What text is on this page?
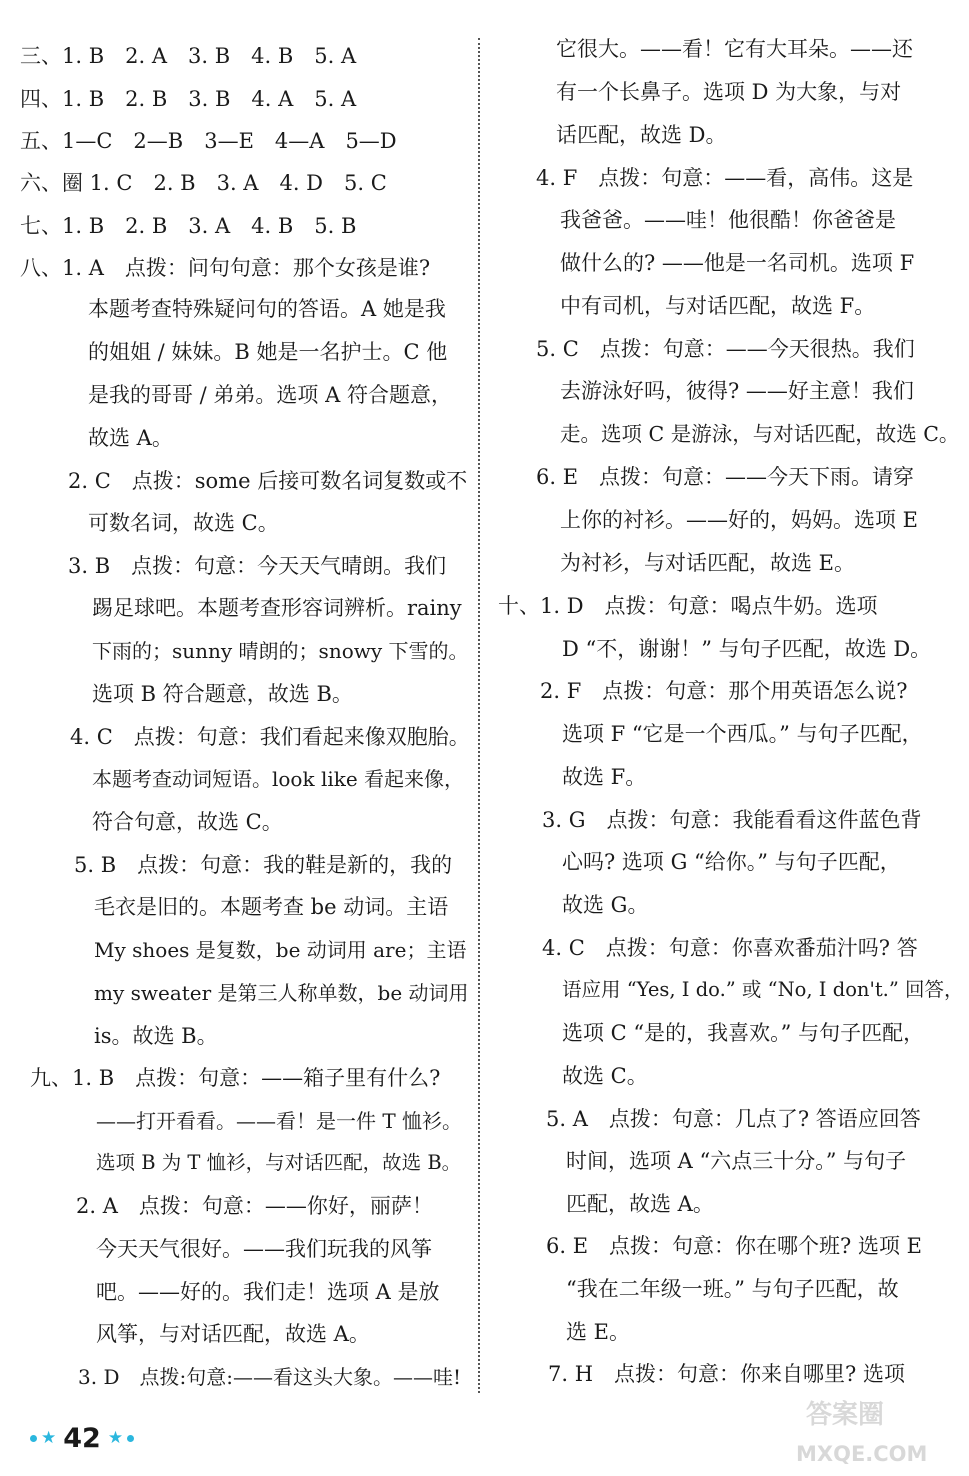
三、1. B　2. A　3. B　4. B　5. A
四、1. B　2. B　3. B　4. A　5. A
五、1—C　2—B　3—E　4—A　5—D
六、圈 1. C　2. B　3. A　4. D　5. C
七、1. B　2. B　3. A　4. B　5. B
八、1. A　点拨：问句句意：那个女孩是谁?
本题考查特殊疑问句的答语。A 她是我
的姐姐 / 妹妹。B 她是一名护士。C 他
是我的哥哥 / 弟弟。选项 A 符合题意，
故选 A。
2. C　点拨：some 后接可数名词复数或不
可数名词，故选 C。
3. B　点拨：句意：今天天气晴朗。我们
踢足球吧。本题考查形容词辨析。rainy
下雨的；sunny 晴朗的；snowy 下雪的。
选项 B 符合题意，故选 B。
4. C　点拨：句意：我们看起来像双胞胎。
本题考查动词短语。look like 看起来像，
符合句意，故选 C。
5. B　点拨：句意：我的鞋是新的，我的
毛衣是旧的。本题考查 be 动词。主语
My shoes 是复数，be 动词用 are；主语
my sweater 是第三人称单数，be 动词用
is。故选 B。
九、1. B　点拨：句意：——箱子里有什么?
——打开看看。——看！是一件 T 恤衫。
选项 B 为 T 恤衫，与对话匹配，故选 B。
2. A　点拨：句意：——你好，丽萨！
今天天气很好。——我们玩我的风筝
吧。——好的。我们走！选项 A 是放
风筝，与对话匹配，故选 A。
3. D　点拨:句意:——看这头大象。——哇!
它很大。——看！它有大耳朵。——还
有一个长鼻子。选项 D 为大象，与对
话匹配，故选 D。
4. F　点拨：句意：——看，高伟。这是
我爸爸。——哇！他很酷！你爸爸是
做什么的? ——他是一名司机。选项 F
中有司机，与对话匹配，故选 F。
5. C　点拨：句意：——今天很热。我们
去游泳好吗，彼得? ——好主意！我们
走。选项 C 是游泳，与对话匹配，故选 C。
6. E　点拨：句意：——今天下雨。请穿
上你的衬衫。——好的，妈妈。选项 E
为衬衫，与对话匹配，故选 E。
十、1. D　点拨：句意：喝点牛奶。选项
D “不，谢谢！” 与句子匹配，故选 D。
2. F　点拨：句意：那个用英语怎么说?
选项 F “它是一个西瓜。” 与句子匹配，
故选 F。
3. G　点拨：句意：我能看看这件蓝色背
心吗? 选项 G “给你。” 与句子匹配，
故选 G。
4. C　点拨：句意：你喜欢番茄汁吗? 答
语应用 “Yes, I do.” 或 “No, I don't.” 回答，
选项 C “是的，我喜欢。” 与句子匹配，
故选 C。
5. A　点拨：句意：几点了? 答语应回答
时间，选项 A “六点三十分。” 与句子
匹配，故选 A。
6. E　点拨：句意：你在哪个班? 选项 E
“我在二年级一班。” 与句子匹配，故
选 E。
7. H　点拨：句意：你来自哪里? 选项
★ 42 ★
答案圈
MXQE.COM
